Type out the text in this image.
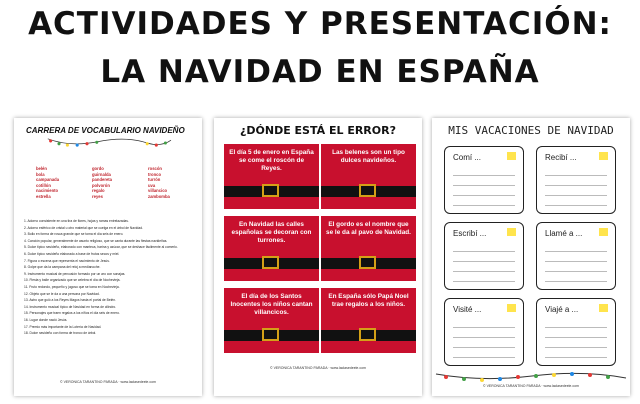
ACTIVIDADES Y PRESENTACIÓN:
LA NAVIDAD EN ESPAÑA
CARRERA DE VOCABULARIO NAVIDEÑO
belén
bola
campanada
cotillón
nacimiento
estrella
gordo
guirnalda
pandereta
polvorón
regalo
reyes
roscón
tronco
turrón
uva
villancico
zambomba
1. Adorno consistente en una tira de flores, hojas y ramas entrelazadas.
2. Adorno esférico de cristal u otro material que se cuelga en el árbol de Navidad.
3. Bollo en forma de rosca grande que se toma el día seis de enero.
4. Canción popular, generalmente de asunto religioso, que se canta durante las fiestas navideñas.
5. Dulce típico navideño, elaborado con manteca, harina y azúcar, que se deshace fácilmente al comerlo.
6. Dulce típico navideño elaborado a base de frutos secos y miel.
7. Figura o escena que representa el nacimiento de Jesús.
8. Golpe que da la campana del reloj a medianoche.
9. Instrumento musical de percusión formado por un aro con sonajas.
10. Fiesta y baile organizado que se celebra el día de Nochevieja.
11. Fruto redondo, pequeño y jugoso que se toma en Nochevieja.
12. Objeto que se le da a una persona por Navidad.
13. Astro que guió a los Reyes Magos hasta el portal de Belén.
14. Instrumento musical típico de Navidad en forma de cilindro.
15. Personajes que traen regalos a los niños el día seis de enero.
16. Lugar donde nació Jesús.
17. Premio más importante de la Lotería de Navidad.
18. Dulce navideño con forma de tronco de árbol.
© VERONICA TARANTINO PARADA · www.laclasedeele.com
¿DÓNDE ESTÁ EL ERROR?
El día 5 de enero en España se come el roscón de Reyes.
Las belenes son un tipo dulces navideños.
En Navidad las calles españolas se decoran con turrones.
El gordo es el nombre que se le da al pavo de Navidad.
El día de los Santos Inocentes los niños cantan villancicos.
En España sólo Papá Noel trae regalos a los niños.
© VERONICA TARANTINO PARADA · www.laclasedeele.com
MIS VACACIONES DE NAVIDAD
Comí ...	Recibí ...
Escribí ...	Llamé a ...
Visité ...	Viajé a ...
© VERONICA TARANTINO PARADA · www.laclasedeele.com
